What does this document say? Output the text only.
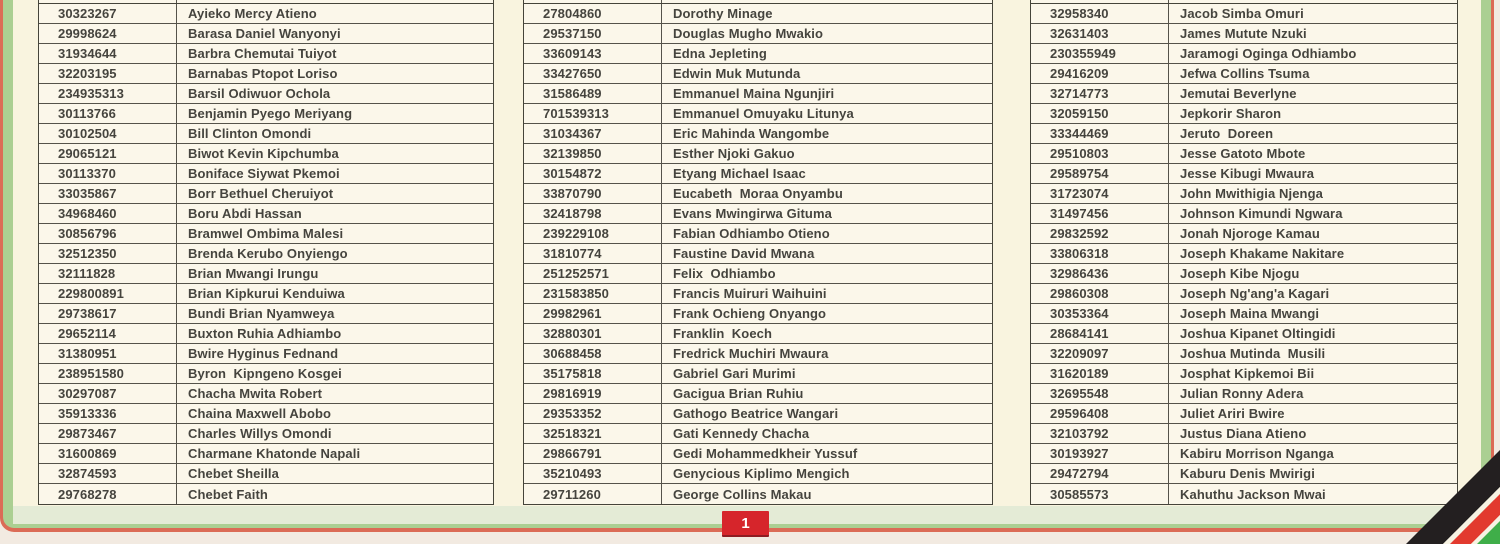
30323267	Ayieko Mercy Atieno
29998624	Barasa Daniel Wanyonyi
31934644	Barbra Chemutai Tuiyot
32203195	Barnabas Ptopot Loriso
234935313	Barsil Odiwuor Ochola
30113766	Benjamin Pyego Meriyang
30102504	Bill Clinton Omondi
29065121	Biwot Kevin Kipchumba
30113370	Boniface Siywat Pkemoi
33035867	Borr Bethuel Cheruiyot
34968460	Boru Abdi Hassan
30856796	Bramwel Ombima Malesi
32512350	Brenda Kerubo Onyiengo
32111828	Brian Mwangi Irungu
229800891	Brian Kipkurui Kenduiwa
29738617	Bundi Brian Nyamweya
29652114	Buxton Ruhia Adhiambo
31380951	Bwire Hyginus Fednand
238951580	Byron  Kipngeno Kosgei
30297087	Chacha Mwita Robert
35913336	Chaina Maxwell Abobo
29873467	Charles Willys Omondi
31600869	Charmane Khatonde Napali
32874593	Chebet Sheilla
29768278	Chebet Faith
27804860	Dorothy Minage
29537150	Douglas Mugho Mwakio
33609143	Edna Jepleting
33427650	Edwin Muk Mutunda
31586489	Emmanuel Maina Ngunjiri
701539313	Emmanuel Omuyaku Litunya
31034367	Eric Mahinda Wangombe
32139850	Esther Njoki Gakuo
30154872	Etyang Michael Isaac
33870790	Eucabeth  Moraa Onyambu
32418798	Evans Mwingirwa Gituma
239229108	Fabian Odhiambo Otieno
31810774	Faustine David Mwana
251252571	Felix  Odhiambo
231583850	Francis Muiruri Waihuini
29982961	Frank Ochieng Onyango
32880301	Franklin  Koech
30688458	Fredrick Muchiri Mwaura
35175818	Gabriel Gari Murimi
29816919	Gacigua Brian Ruhiu
29353352	Gathogo Beatrice Wangari
32518321	Gati Kennedy Chacha
29866791	Gedi Mohammedkheir Yussuf
35210493	Genycious Kiplimo Mengich
29711260	George Collins Makau
32958340	Jacob Simba Omuri
32631403	James Mutute Nzuki
230355949	Jaramogi Oginga Odhiambo
29416209	Jefwa Collins Tsuma
32714773	Jemutai Beverlyne
32059150	Jepkorir Sharon
33344469	Jeruto  Doreen
29510803	Jesse Gatoto Mbote
29589754	Jesse Kibugi Mwaura
31723074	John Mwithigia Njenga
31497456	Johnson Kimundi Ngwara
29832592	Jonah Njoroge Kamau
33806318	Joseph Khakame Nakitare
32986436	Joseph Kibe Njogu
29860308	Joseph Ng'ang'a Kagari
30353364	Joseph Maina Mwangi
28684141	Joshua Kipanet Oltingidi
32209097	Joshua Mutinda  Musili
31620189	Josphat Kipkemoi Bii
32695548	Julian Ronny Adera
29596408	Juliet Ariri Bwire
32103792	Justus Diana Atieno
30193927	Kabiru Morrison Nganga
29472794	Kaburu Denis Mwirigi
30585573	Kahuthu Jackson Mwai
1
